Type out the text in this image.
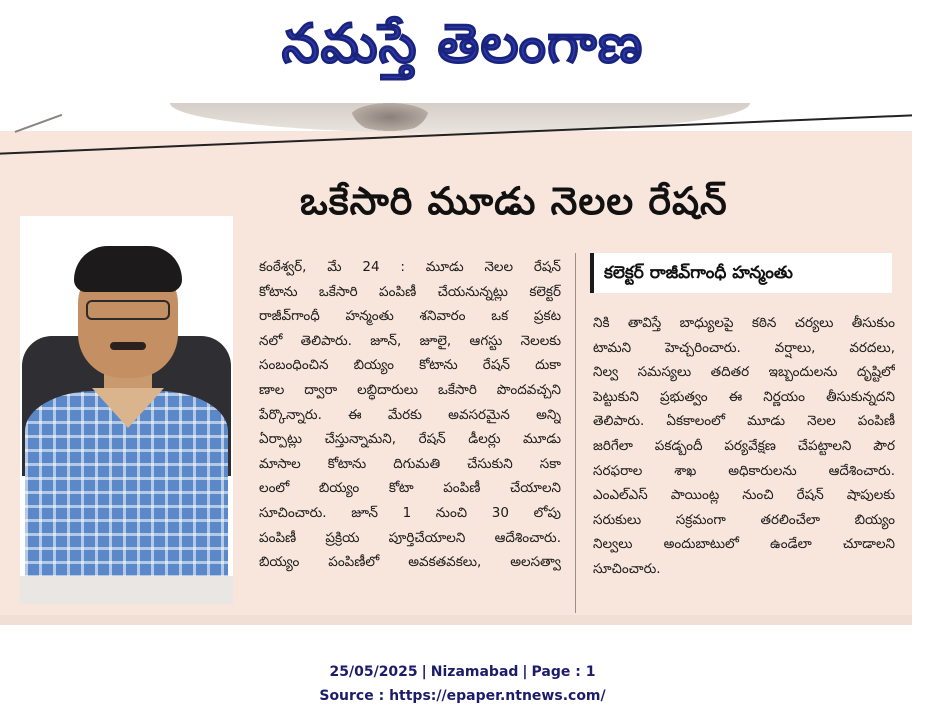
నమస్తే తెలంగాణ
ఒకేసారి మూడు నెలల రేషన్
కంఠేశ్వర్, మే 24 : మూడు నెలల రేషన్
కోటాను ఒకేసారి పంపిణీ చేయనున్నట్లు కలెక్టర్
రాజీవ్‌గాంధీ హన్మంతు శనివారం ఒక ప్రకట
నలో తెలిపారు. జూన్, జూలై, ఆగస్టు నెలలకు
సంబంధించిన బియ్యం కోటాను రేషన్ దుకా
ణాల ద్వారా లబ్ధిదారులు ఒకేసారి పొందవచ్చని
పేర్కొన్నారు. ఈ మేరకు అవసరమైన అన్ని
ఏర్పాట్లు చేస్తున్నామని, రేషన్ డీలర్లు మూడు
మాసాల కోటాను దిగుమతి చేసుకుని సకా
లంలో బియ్యం కోటా పంపిణీ చేయాలని
సూచించారు. జూన్ 1 నుంచి 30 లోపు
పంపిణీ ప్రక్రియ పూర్తిచేయాలని ఆదేశించారు.
బియ్యం పంపిణీలో అవకతవకలు, అలసత్వా
కలెక్టర్ రాజీవ్‌గాంధీ హన్మంతు
నికి తావిస్తే బాధ్యులపై కఠిన చర్యలు తీసుకుం
టామని హెచ్చరించారు. వర్షాలు, వరదలు,
నిల్వ సమస్యలు తదితర ఇబ్బందులను దృష్టిలో
పెట్టుకుని ప్రభుత్వం ఈ నిర్ణయం తీసుకున్నదని
తెలిపారు. ఏకకాలంలో మూడు నెలల పంపిణీ
జరిగేలా పకడ్బందీ పర్యవేక్షణ చేపట్టాలని పౌర
సరఫరాల శాఖ అధికారులను ఆదేశించారు.
ఎంఎల్ఎస్ పాయింట్ల నుంచి రేషన్ షాపులకు
సరుకులు సక్రమంగా తరలించేలా బియ్యం
నిల్వలు అందుబాటులో ఉండేలా చూడాలని
సూచించారు.
25/05/2025 | Nizamabad | Page : 1
Source : https://epaper.ntnews.com/
